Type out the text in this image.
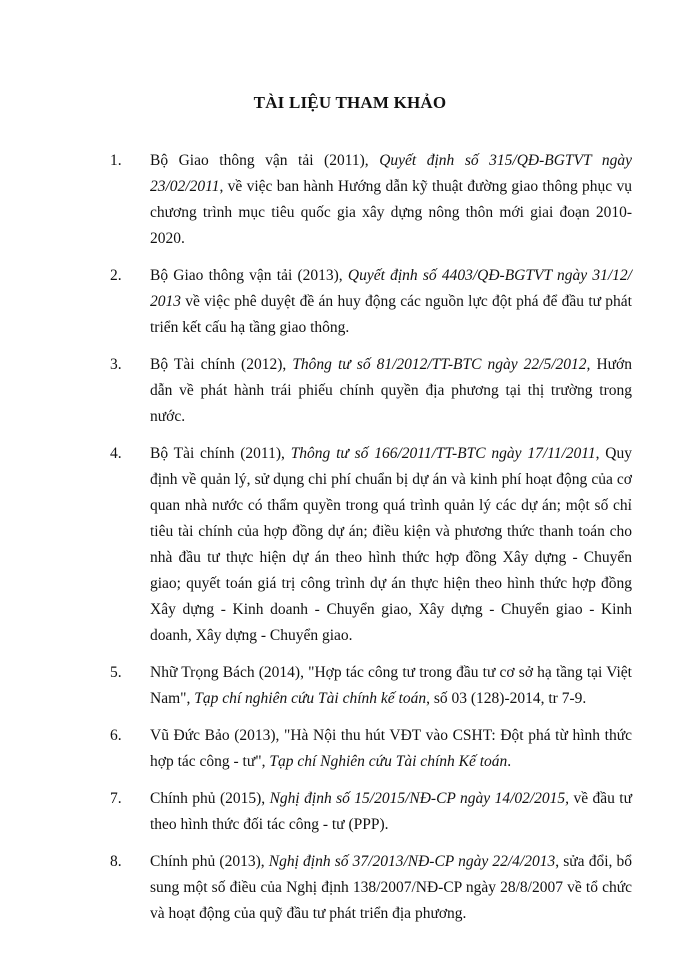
TÀI LIỆU THAM KHẢO
1.	Bộ Giao thông vận tải (2011), Quyết định số 315/QĐ-BGTVT ngày 23/02/2011, về việc ban hành Hướng dẫn kỹ thuật đường giao thông phục vụ chương trình mục tiêu quốc gia xây dựng nông thôn mới giai đoạn 2010-2020.
2.	Bộ Giao thông vận tải (2013), Quyết định số 4403/QĐ-BGTVT ngày 31/12/ 2013 về việc phê duyệt đề án huy động các nguồn lực đột phá để đầu tư phát triển kết cấu hạ tầng giao thông.
3.	Bộ Tài chính (2012), Thông tư số 81/2012/TT-BTC ngày 22/5/2012, Hướn dẫn về phát hành trái phiếu chính quyền địa phương tại thị trường trong nước.
4.	Bộ Tài chính (2011), Thông tư số 166/2011/TT-BTC ngày 17/11/2011, Quy định về quản lý, sử dụng chi phí chuẩn bị dự án và kinh phí hoạt động của cơ quan nhà nước có thẩm quyền trong quá trình quản lý các dự án; một số chỉ tiêu tài chính của hợp đồng dự án; điều kiện và phương thức thanh toán cho nhà đầu tư thực hiện dự án theo hình thức hợp đồng Xây dựng - Chuyển giao; quyết toán giá trị công trình dự án thực hiện theo hình thức hợp đồng Xây dựng - Kinh doanh - Chuyển giao, Xây dựng - Chuyển giao - Kinh doanh, Xây dựng - Chuyển giao.
5.	Nhữ Trọng Bách (2014), "Hợp tác công tư trong đầu tư cơ sở hạ tầng tại Việt Nam", Tạp chí nghiên cứu Tài chính kế toán, số 03 (128)-2014, tr 7-9.
6.	Vũ Đức Bảo (2013), "Hà Nội thu hút VĐT vào CSHT: Đột phá từ hình thức hợp tác công - tư", Tạp chí Nghiên cứu Tài chính Kế toán.
7.	Chính phủ (2015), Nghị định số 15/2015/NĐ-CP ngày 14/02/2015, về đầu tư theo hình thức đối tác công - tư (PPP).
8.	Chính phủ (2013), Nghị định số 37/2013/NĐ-CP ngày 22/4/2013, sửa đổi, bổ sung một số điều của Nghị định 138/2007/NĐ-CP ngày 28/8/2007 về tổ chức và hoạt động của quỹ đầu tư phát triển địa phương.
